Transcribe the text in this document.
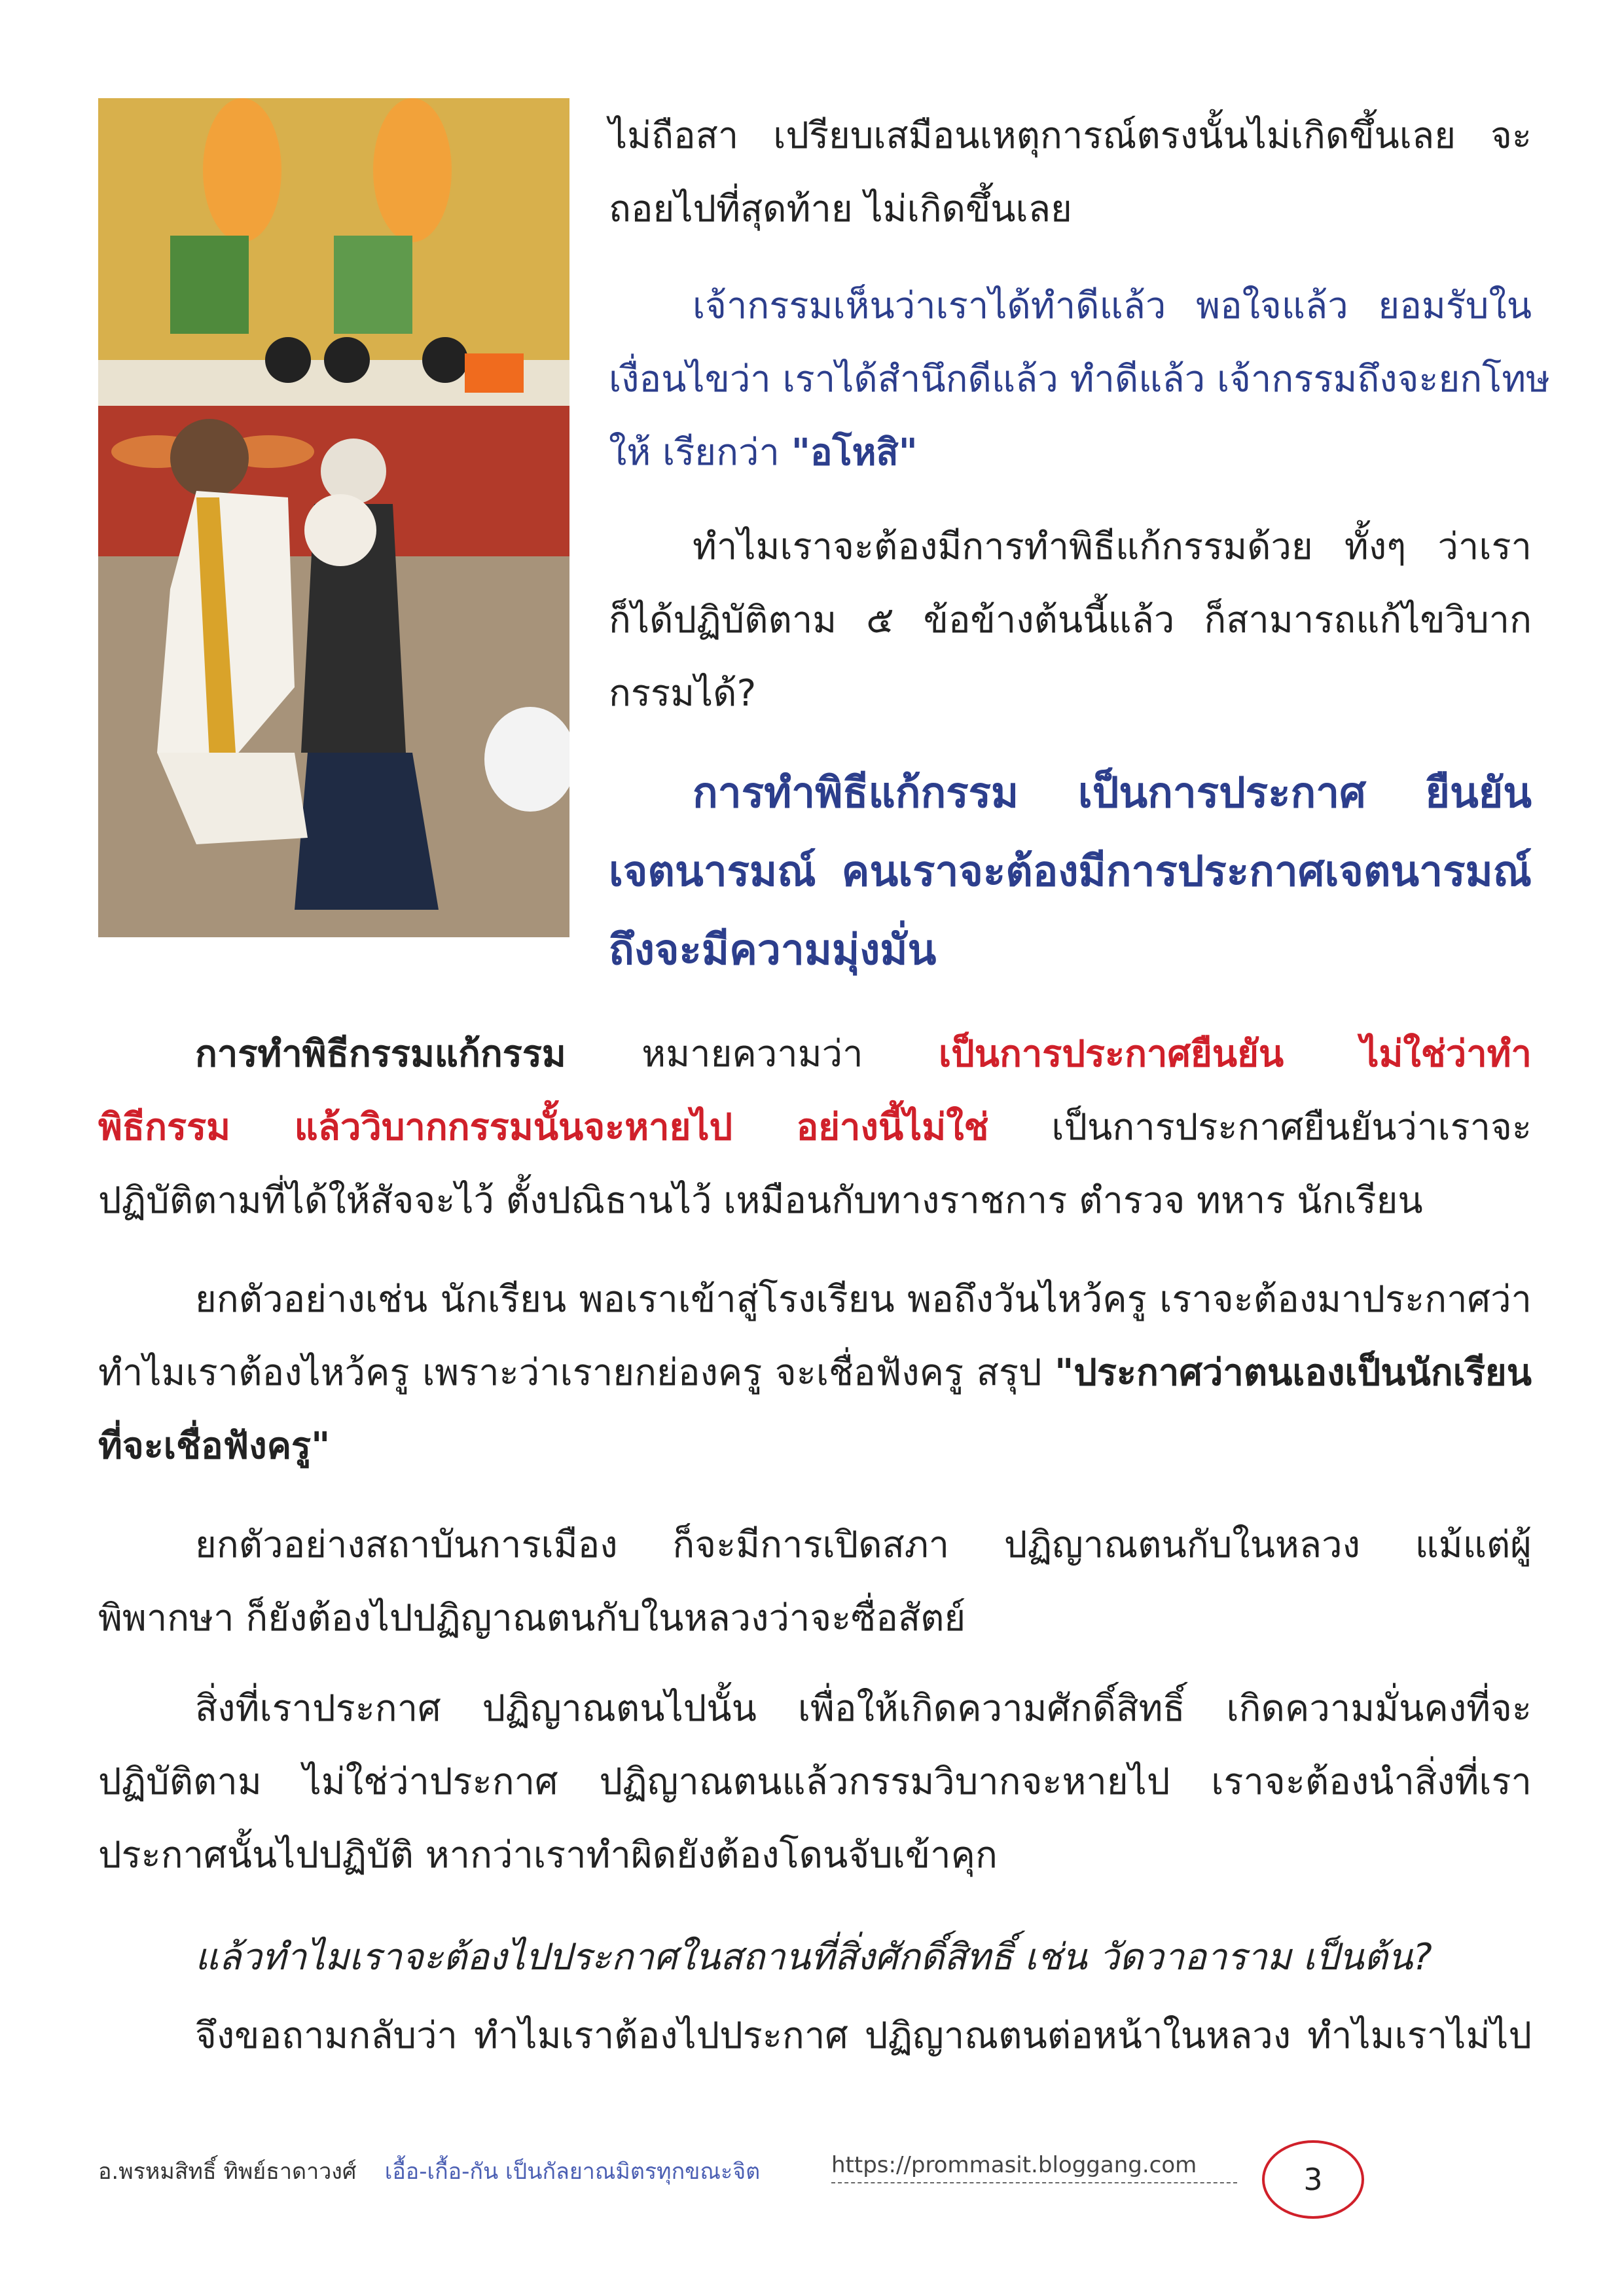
ไม่ถือสา เปรียบเสมือนเหตุการณ์ตรงนั้นไม่เกิดขึ้นเลย จะ
ถอยไปที่สุดท้าย ไม่เกิดขึ้นเลย
เจ้ากรรมเห็นว่าเราได้ทำดีแล้ว พอใจแล้ว ยอมรับใน
เงื่อนไขว่า เราได้สำนึกดีแล้ว ทำดีแล้ว เจ้ากรรมถึงจะยกโทษ
ให้ เรียกว่า "อโหสิ"
ทำไมเราจะต้องมีการทำพิธีแก้กรรมด้วย ทั้งๆ ว่าเรา
ก็ได้ปฏิบัติตาม ๕ ข้อข้างต้นนี้แล้ว ก็สามารถแก้ไขวิบาก
กรรมได้?
การทำพิธีแก้กรรม เป็นการประกาศ ยืนยัน
เจตนารมณ์ คนเราจะต้องมีการประกาศเจตนารมณ์
ถึงจะมีความมุ่งมั่น
การทำพิธีกรรมแก้กรรม หมายความว่า เป็นการประกาศยืนยัน ไม่ใช่ว่าทำ
พิธีกรรม แล้ววิบากกรรมนั้นจะหายไป อย่างนี้ไม่ใช่ เป็นการประกาศยืนยันว่าเราจะ
ปฏิบัติตามที่ได้ให้สัจจะไว้ ตั้งปณิธานไว้ เหมือนกับทางราชการ ตำรวจ ทหาร นักเรียน
ยกตัวอย่างเช่น นักเรียน พอเราเข้าสู่โรงเรียน พอถึงวันไหว้ครู เราจะต้องมาประกาศว่า
ทำไมเราต้องไหว้ครู เพราะว่าเรายกย่องครู จะเชื่อฟังครู สรุป "ประกาศว่าตนเองเป็นนักเรียน
ที่จะเชื่อฟังครู"
ยกตัวอย่างสถาบันการเมือง ก็จะมีการเปิดสภา ปฏิญาณตนกับในหลวง แม้แต่ผู้
พิพากษา ก็ยังต้องไปปฏิญาณตนกับในหลวงว่าจะซื่อสัตย์
สิ่งที่เราประกาศ ปฏิญาณตนไปนั้น เพื่อให้เกิดความศักดิ์สิทธิ์ เกิดความมั่นคงที่จะ
ปฏิบัติตาม ไม่ใช่ว่าประกาศ ปฏิญาณตนแล้วกรรมวิบากจะหายไป เราจะต้องนำสิ่งที่เรา
ประกาศนั้นไปปฏิบัติ หากว่าเราทำผิดยังต้องโดนจับเข้าคุก
แล้วทำไมเราจะต้องไปประกาศในสถานที่สิ่งศักดิ์สิทธิ์ เช่น วัดวาอาราม เป็นต้น?
จึงขอถามกลับว่า ทำไมเราต้องไปประกาศ ปฏิญาณตนต่อหน้าในหลวง ทำไมเราไม่ไป
อ.พรหมสิทธิ์ ทิพย์ธาดาวงศ์ เอื้อ-เกื้อ-กัน เป็นกัลยาณมิตรทุกขณะจิต	https://prommasit.bloggang.com	3
